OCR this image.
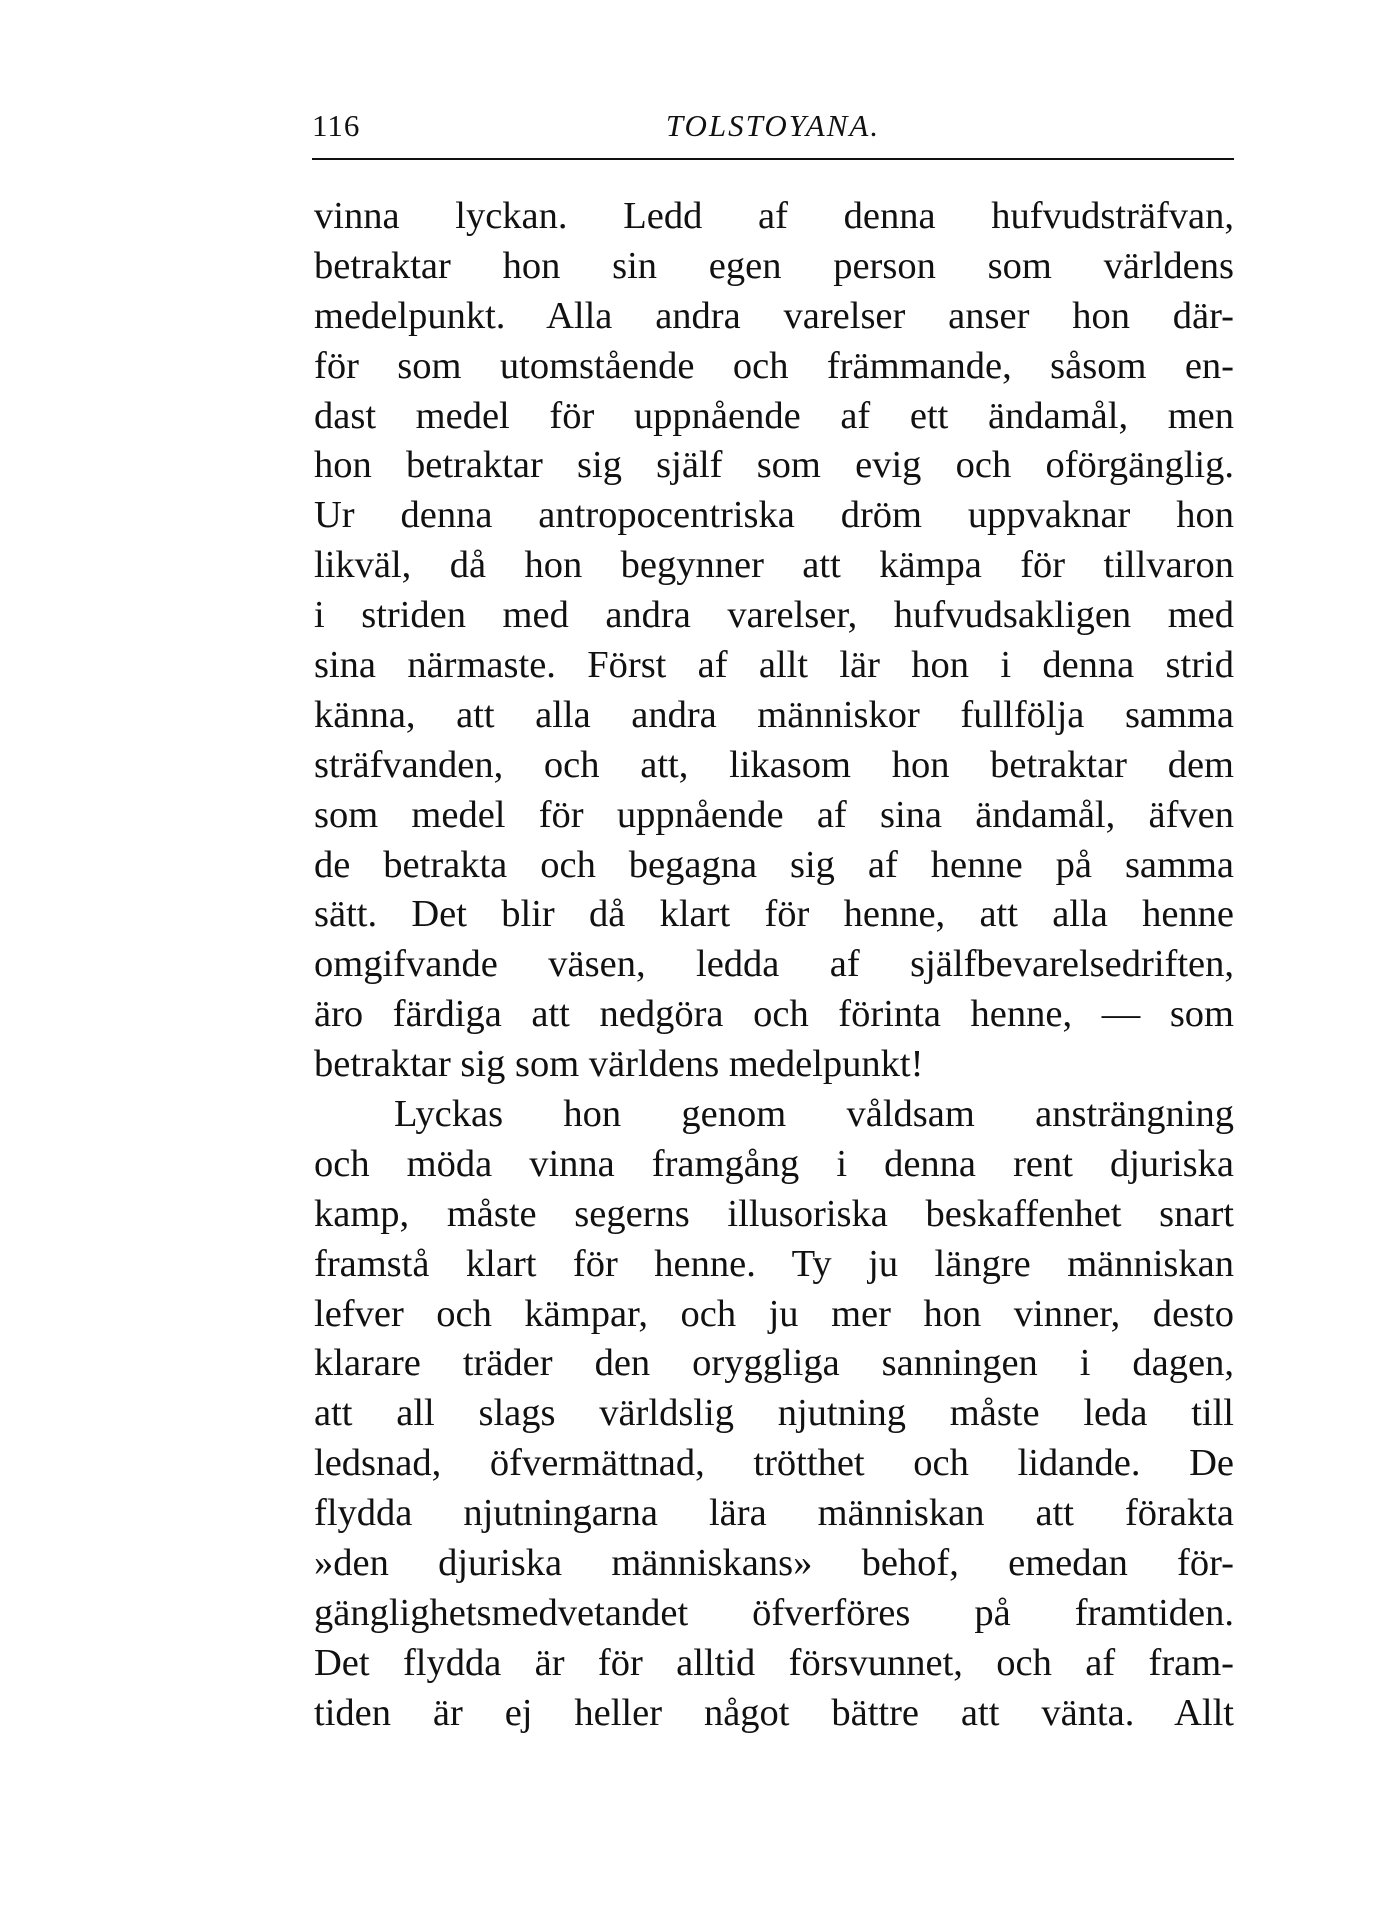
116	TOLSTOYANA.
vinna lyckan. Ledd af denna hufvudsträfvan,
betraktar hon sin egen person som världens
medelpunkt. Alla andra varelser anser hon där-
för som utomstående och främmande, såsom en-
dast medel för uppnående af ett ändamål, men
hon betraktar sig själf som evig och oförgänglig.
Ur denna antropocentriska dröm uppvaknar hon
likväl, då hon begynner att kämpa för tillvaron
i striden med andra varelser, hufvudsakligen med
sina närmaste. Först af allt lär hon i denna strid
känna, att alla andra människor fullfölja samma
sträfvanden, och att, likasom hon betraktar dem
som medel för uppnående af sina ändamål, äfven
de betrakta och begagna sig af henne på samma
sätt. Det blir då klart för henne, att alla henne
omgifvande väsen, ledda af själfbevarelsedriften,
äro färdiga att nedgöra och förinta henne, — som
betraktar sig som världens medelpunkt!
Lyckas hon genom våldsam ansträngning
och möda vinna framgång i denna rent djuriska
kamp, måste segerns illusoriska beskaffenhet snart
framstå klart för henne. Ty ju längre människan
lefver och kämpar, och ju mer hon vinner, desto
klarare träder den oryggliga sanningen i dagen,
att all slags världslig njutning måste leda till
ledsnad, öfvermättnad, trötthet och lidande. De
flydda njutningarna lära människan att förakta
»den djuriska människans» behof, emedan för-
gänglighetsmedvetandet öfverföres på framtiden.
Det flydda är för alltid försvunnet, och af fram-
tiden är ej heller något bättre att vänta. Allt
